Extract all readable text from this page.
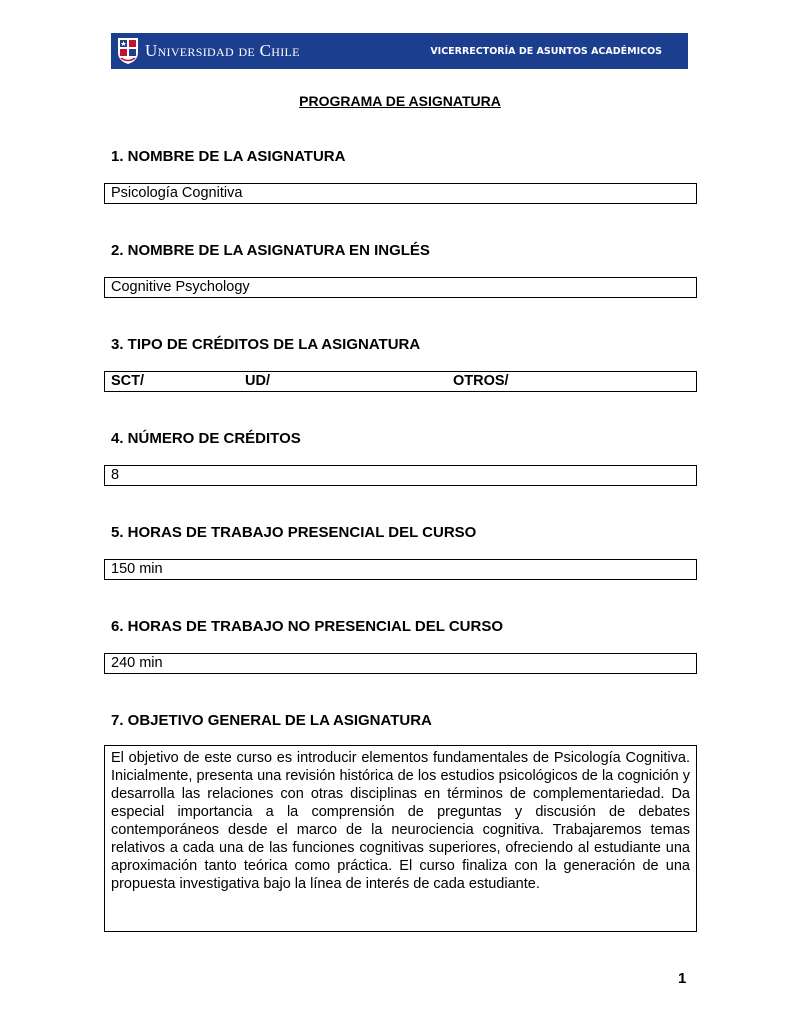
Universidad de Chile	VICERRECTORÍA DE ASUNTOS ACADÉMICOS
PROGRAMA DE ASIGNATURA
1. NOMBRE DE LA ASIGNATURA
Psicología Cognitiva
2. NOMBRE DE LA ASIGNATURA EN INGLÉS
Cognitive Psychology
3. TIPO DE CRÉDITOS DE LA ASIGNATURA
SCT/	UD/	OTROS/
4. NÚMERO DE CRÉDITOS
8
5. HORAS DE TRABAJO PRESENCIAL DEL CURSO
150 min
6. HORAS DE TRABAJO NO PRESENCIAL DEL CURSO
240 min
7. OBJETIVO GENERAL DE LA ASIGNATURA
El objetivo de este curso es introducir elementos fundamentales de Psicología Cognitiva. Inicialmente, presenta una revisión histórica de los estudios psicológicos de la cognición y desarrolla las relaciones con otras disciplinas en términos de complementariedad. Da especial importancia a la comprensión de preguntas y discusión de debates contemporáneos desde el marco de la neurociencia cognitiva. Trabajaremos temas relativos a cada una de las funciones cognitivas superiores, ofreciendo al estudiante una aproximación tanto teórica como práctica. El curso finaliza con la generación de una propuesta investigativa bajo la línea de interés de cada estudiante.
1
